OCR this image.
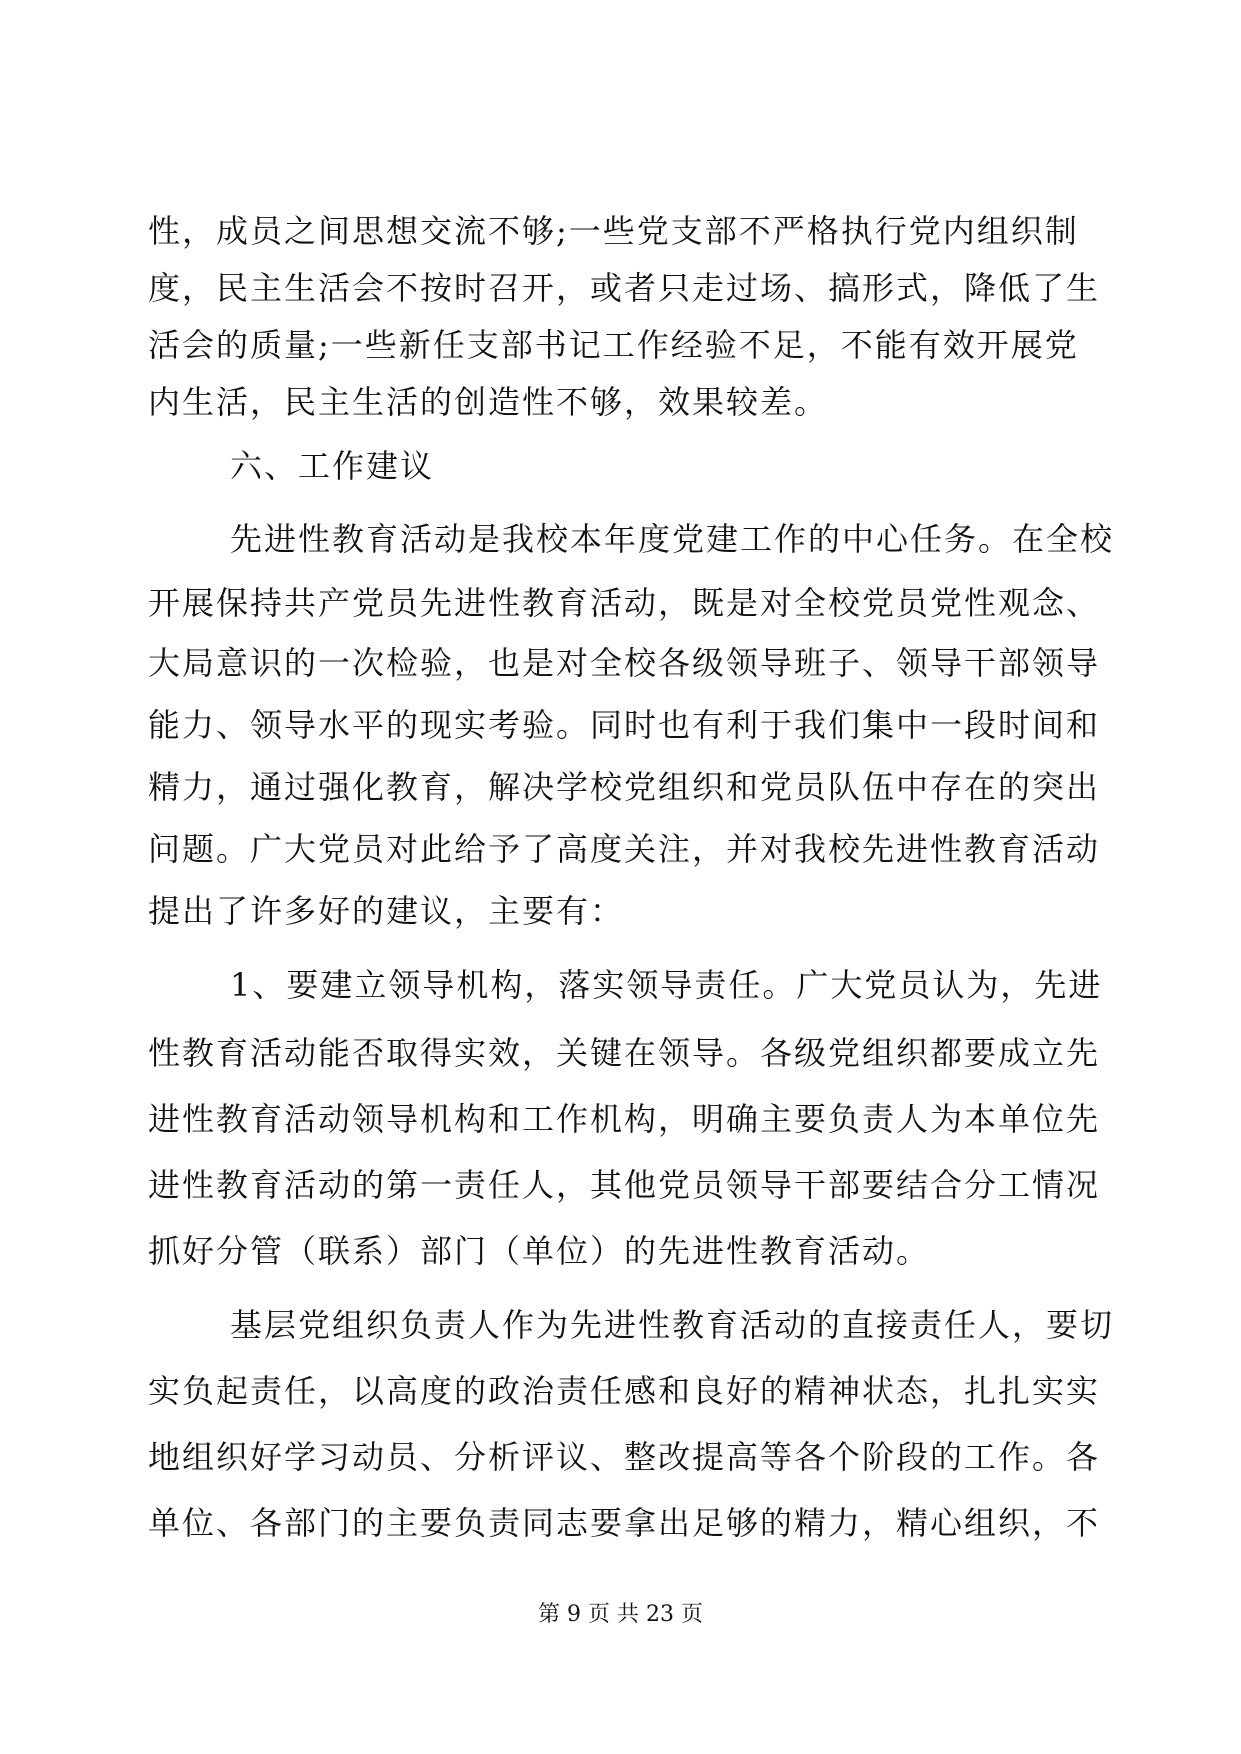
性，成员之间思想交流不够;一些党支部不严格执行党内组织制
度，民主生活会不按时召开，或者只走过场、搞形式，降低了生
活会的质量;一些新任支部书记工作经验不足，不能有效开展党
内生活，民主生活的创造性不够，效果较差。
六、工作建议
先进性教育活动是我校本年度党建工作的中心任务。在全校
开展保持共产党员先进性教育活动，既是对全校党员党性观念、
大局意识的一次检验，也是对全校各级领导班子、领导干部领导
能力、领导水平的现实考验。同时也有利于我们集中一段时间和
精力，通过强化教育，解决学校党组织和党员队伍中存在的突出
问题。广大党员对此给予了高度关注，并对我校先进性教育活动
提出了许多好的建议，主要有：
1、要建立领导机构，落实领导责任。广大党员认为，先进
性教育活动能否取得实效，关键在领导。各级党组织都要成立先
进性教育活动领导机构和工作机构，明确主要负责人为本单位先
进性教育活动的第一责任人，其他党员领导干部要结合分工情况
抓好分管（联系）部门（单位）的先进性教育活动。
基层党组织负责人作为先进性教育活动的直接责任人，要切
实负起责任，以高度的政治责任感和良好的精神状态，扎扎实实
地组织好学习动员、分析评议、整改提高等各个阶段的工作。各
单位、各部门的主要负责同志要拿出足够的精力，精心组织，不
第 9 页 共 23 页
